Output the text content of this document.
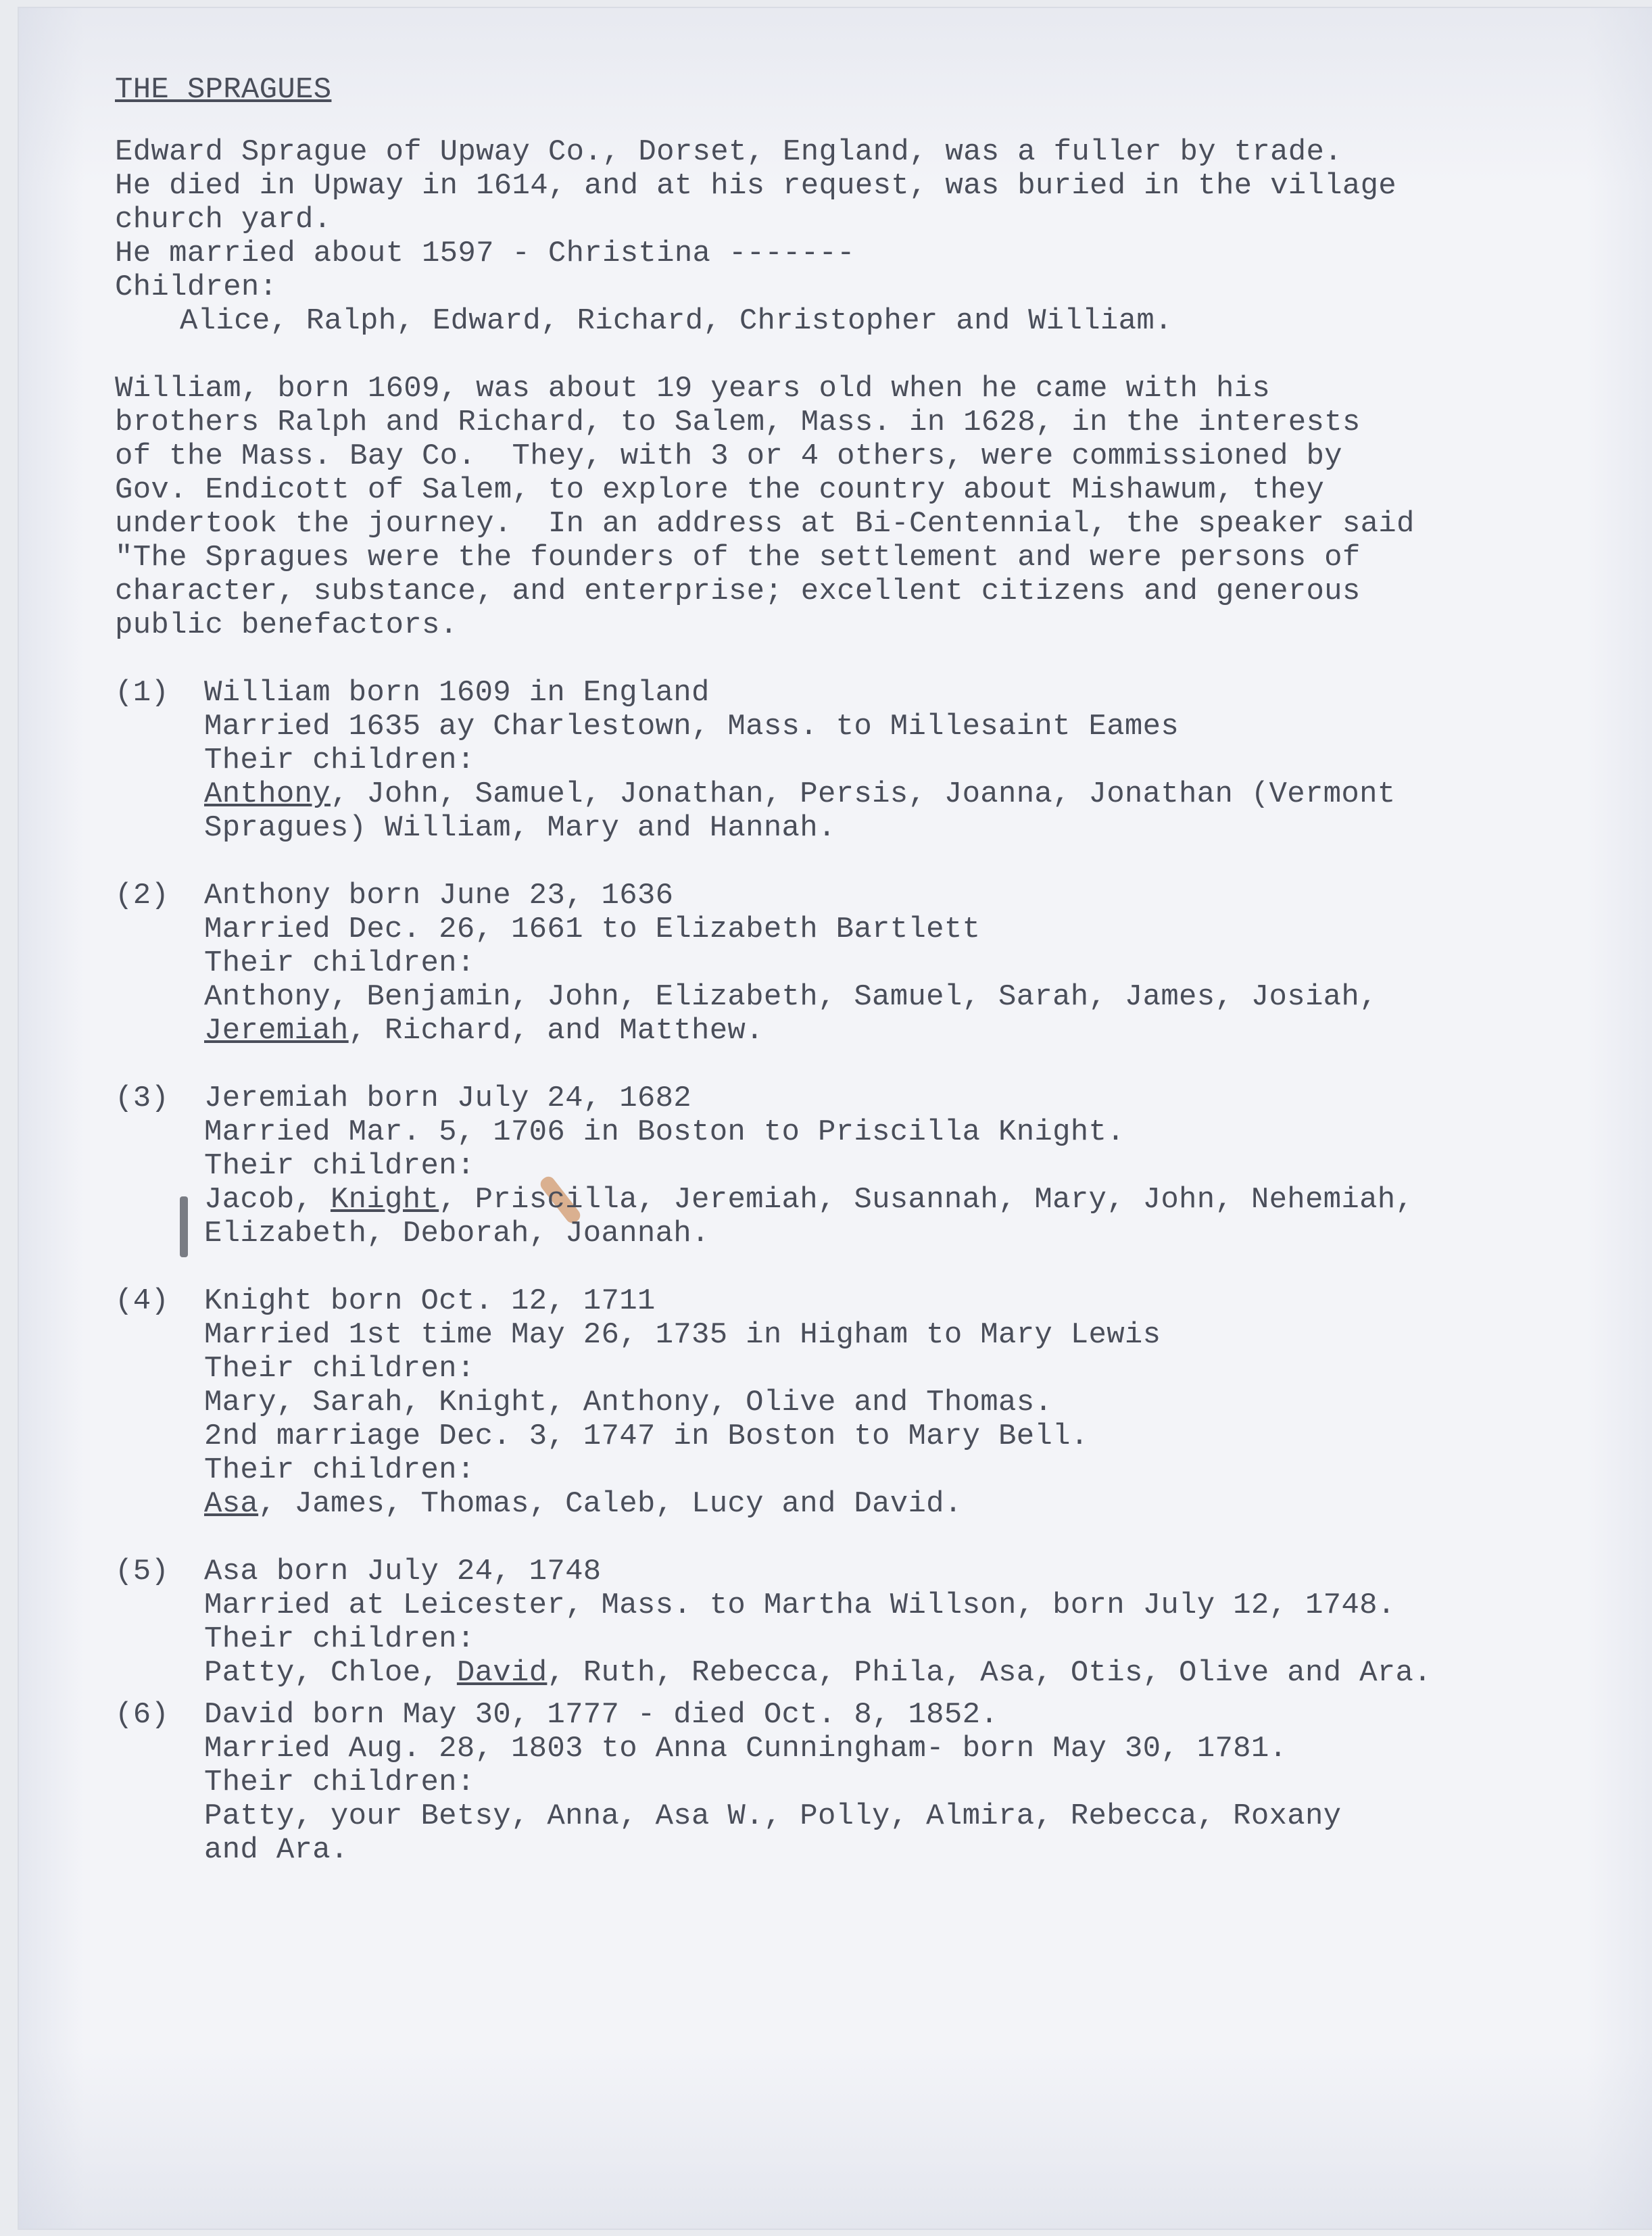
THE SPRAGUES
Edward Sprague of Upway Co., Dorset, England, was a fuller by trade.
He died in Upway in 1614, and at his request, was buried in the village
church yard.
He married about 1597 - Christina -------
Children:
Alice, Ralph, Edward, Richard, Christopher and William.
William, born 1609, was about 19 years old when he came with his
brothers Ralph and Richard, to Salem, Mass. in 1628, in the interests
of the Mass. Bay Co.  They, with 3 or 4 others, were commissioned by
Gov. Endicott of Salem, to explore the country about Mishawum, they
undertook the journey.  In an address at Bi-Centennial, the speaker said
"The Spragues were the founders of the settlement and were persons of
character, substance, and enterprise; excellent citizens and generous
public benefactors.
(1) William born 1609 in England
Married 1635 ay Charlestown, Mass. to Millesaint Eames
Their children:
Anthony, John, Samuel, Jonathan, Persis, Joanna, Jonathan (Vermont
Spragues) William, Mary and Hannah.
(2) Anthony born June 23, 1636
Married Dec. 26, 1661 to Elizabeth Bartlett
Their children:
Anthony, Benjamin, John, Elizabeth, Samuel, Sarah, James, Josiah,
Jeremiah, Richard, and Matthew.
(3) Jeremiah born July 24, 1682
Married Mar. 5, 1706 in Boston to Priscilla Knight.
Their children:
Jacob, Knight, Priscilla, Jeremiah, Susannah, Mary, John, Nehemiah,
Elizabeth, Deborah, Joannah.
(4) Knight born Oct. 12, 1711
Married 1st time May 26, 1735 in Higham to Mary Lewis
Their children:
Mary, Sarah, Knight, Anthony, Olive and Thomas.
2nd marriage Dec. 3, 1747 in Boston to Mary Bell.
Their children:
Asa, James, Thomas, Caleb, Lucy and David.
(5) Asa born July 24, 1748
Married at Leicester, Mass. to Martha Willson, born July 12, 1748.
Their children:
Patty, Chloe, David, Ruth, Rebecca, Phila, Asa, Otis, Olive and Ara.
(6) David born May 30, 1777 - died Oct. 8, 1852.
Married Aug. 28, 1803 to Anna Cunningham- born May 30, 1781.
Their children:
Patty, your Betsy, Anna, Asa W., Polly, Almira, Rebecca, Roxany
and Ara.
